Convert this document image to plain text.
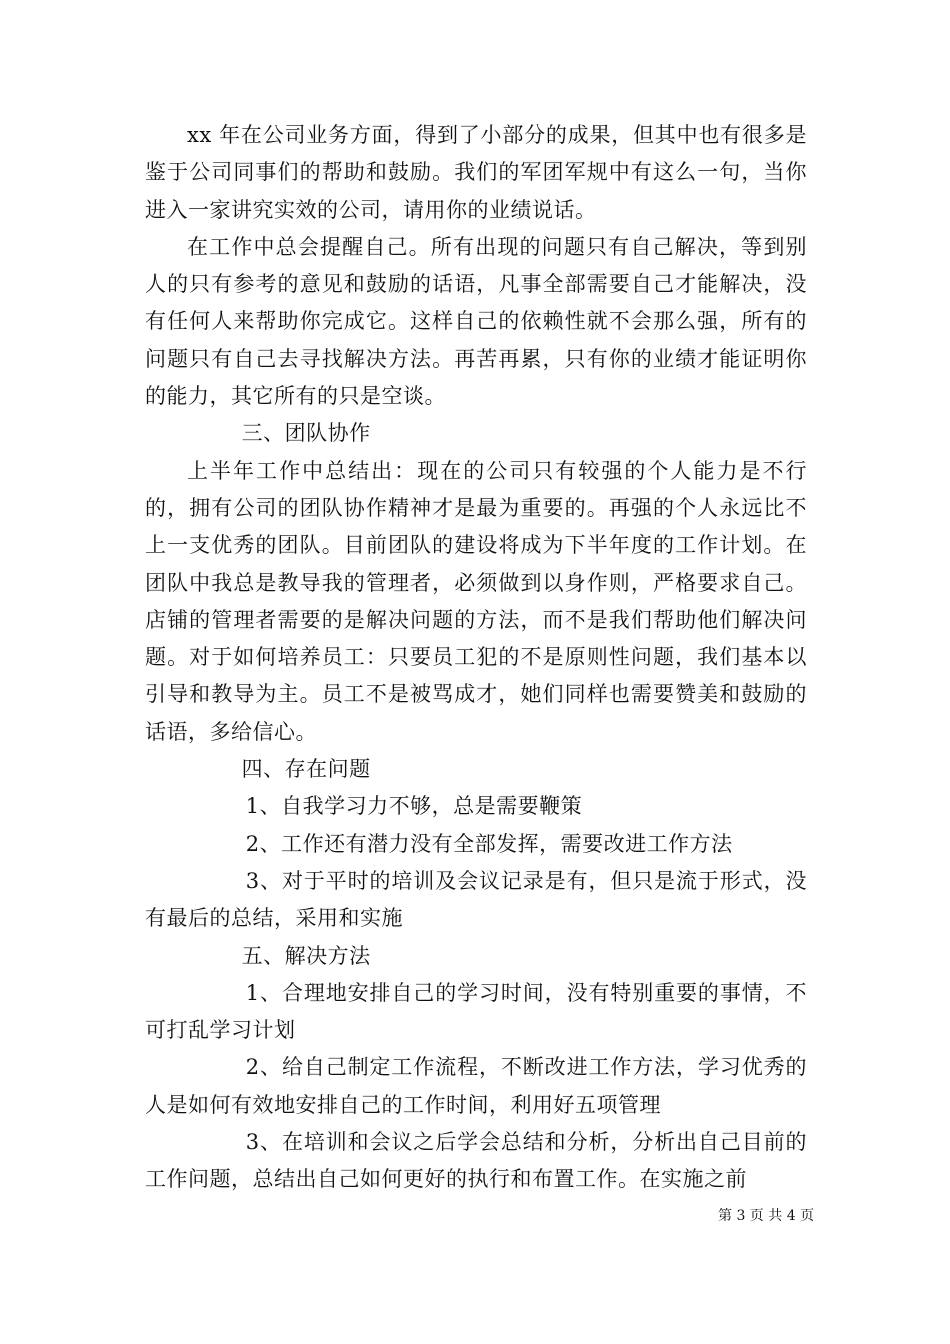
xx 年在公司业务方面，得到了小部分的成果，但其中也有很多是鉴于公司同事们的帮助和鼓励。我们的军团军规中有这么一句，当你进入一家讲究实效的公司，请用你的业绩说话。

在工作中总会提醒自己。所有出现的问题只有自己解决，等到别人的只有参考的意见和鼓励的话语，凡事全部需要自己才能解决，没有任何人来帮助你完成它。这样自己的依赖性就不会那么强，所有的问题只有自己去寻找解决方法。再苦再累，只有你的业绩才能证明你的能力，其它所有的只是空谈。

三、团队协作

上半年工作中总结出：现在的公司只有较强的个人能力是不行的，拥有公司的团队协作精神才是最为重要的。再强的个人永远比不上一支优秀的团队。目前团队的建设将成为下半年度的工作计划。在团队中我总是教导我的管理者，必须做到以身作则，严格要求自己。店铺的管理者需要的是解决问题的方法，而不是我们帮助他们解决问题。对于如何培养员工：只要员工犯的不是原则性问题，我们基本以引导和教导为主。员工不是被骂成才，她们同样也需要赞美和鼓励的话语，多给信心。

四、存在问题

1、自我学习力不够，总是需要鞭策

2、工作还有潜力没有全部发挥，需要改进工作方法

3、对于平时的培训及会议记录是有，但只是流于形式，没有最后的总结，采用和实施

五、解决方法

1、合理地安排自己的学习时间，没有特别重要的事情，不可打乱学习计划

2、给自己制定工作流程，不断改进工作方法，学习优秀的人是如何有效地安排自己的工作时间，利用好五项管理

3、在培训和会议之后学会总结和分析，分析出自己目前的工作问题，总结出自己如何更好的执行和布置工作。在实施之前

第 3 页 共 4 页
